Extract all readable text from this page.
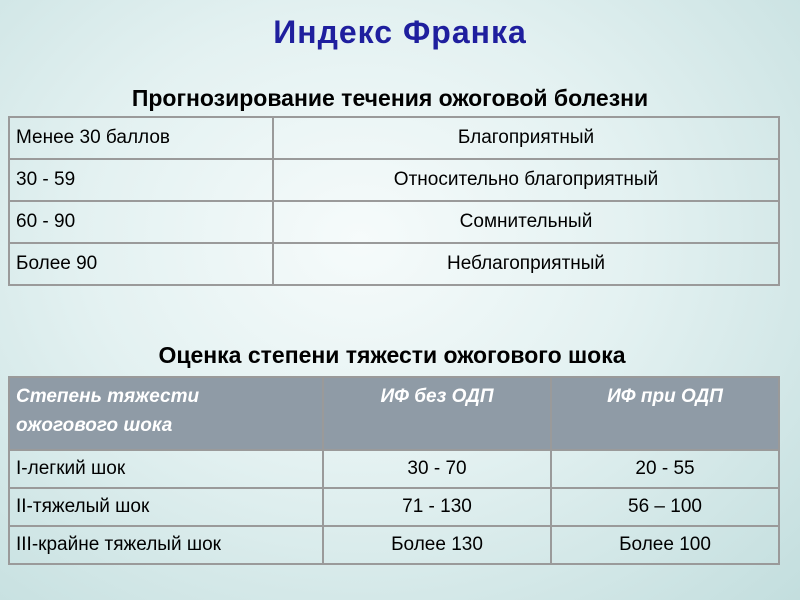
Индекс Франка
Прогнозирование течения ожоговой болезни
Менее 30 баллов	Благоприятный
30 - 59	Относительно благоприятный
60 - 90	Сомнительный
Более 90	Неблагоприятный
Оценка степени тяжести ожогового шока
Степень тяжести
ожогового шока	ИФ без ОДП	ИФ при ОДП
I-легкий шок	30 - 70	20 - 55
II-тяжелый шок	71 - 130	56 – 100
III-крайне тяжелый шок	Более 130	Более 100
